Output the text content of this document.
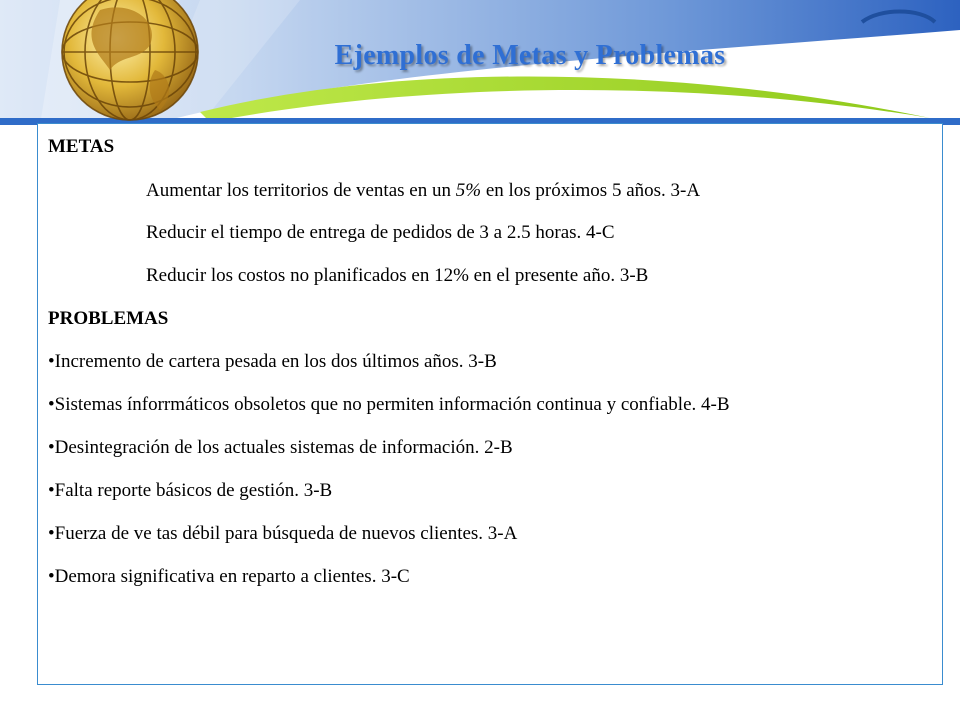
Ejemplos de Metas y Problemas	LOGO
METAS
Aumentar los territorios de ventas en un 5% en los próximos 5 años. 3-A
Reducir el tiempo de entrega de pedidos de 3 a 2.5 horas. 4-C
Reducir los costos no planificados en 12% en el presente año. 3-B
PROBLEMAS
•Incremento de cartera pesada en los dos últimos años. 3-B
•Sistemas ínforrmáticos obsoletos que no permiten información continua y confiable. 4-B
•Desintegración de los actuales sistemas de información. 2-B
•Falta reporte básicos de gestión. 3-B
•Fuerza de ve tas débil para búsqueda de nuevos clientes. 3-A
•Demora significativa en reparto a clientes. 3-C
